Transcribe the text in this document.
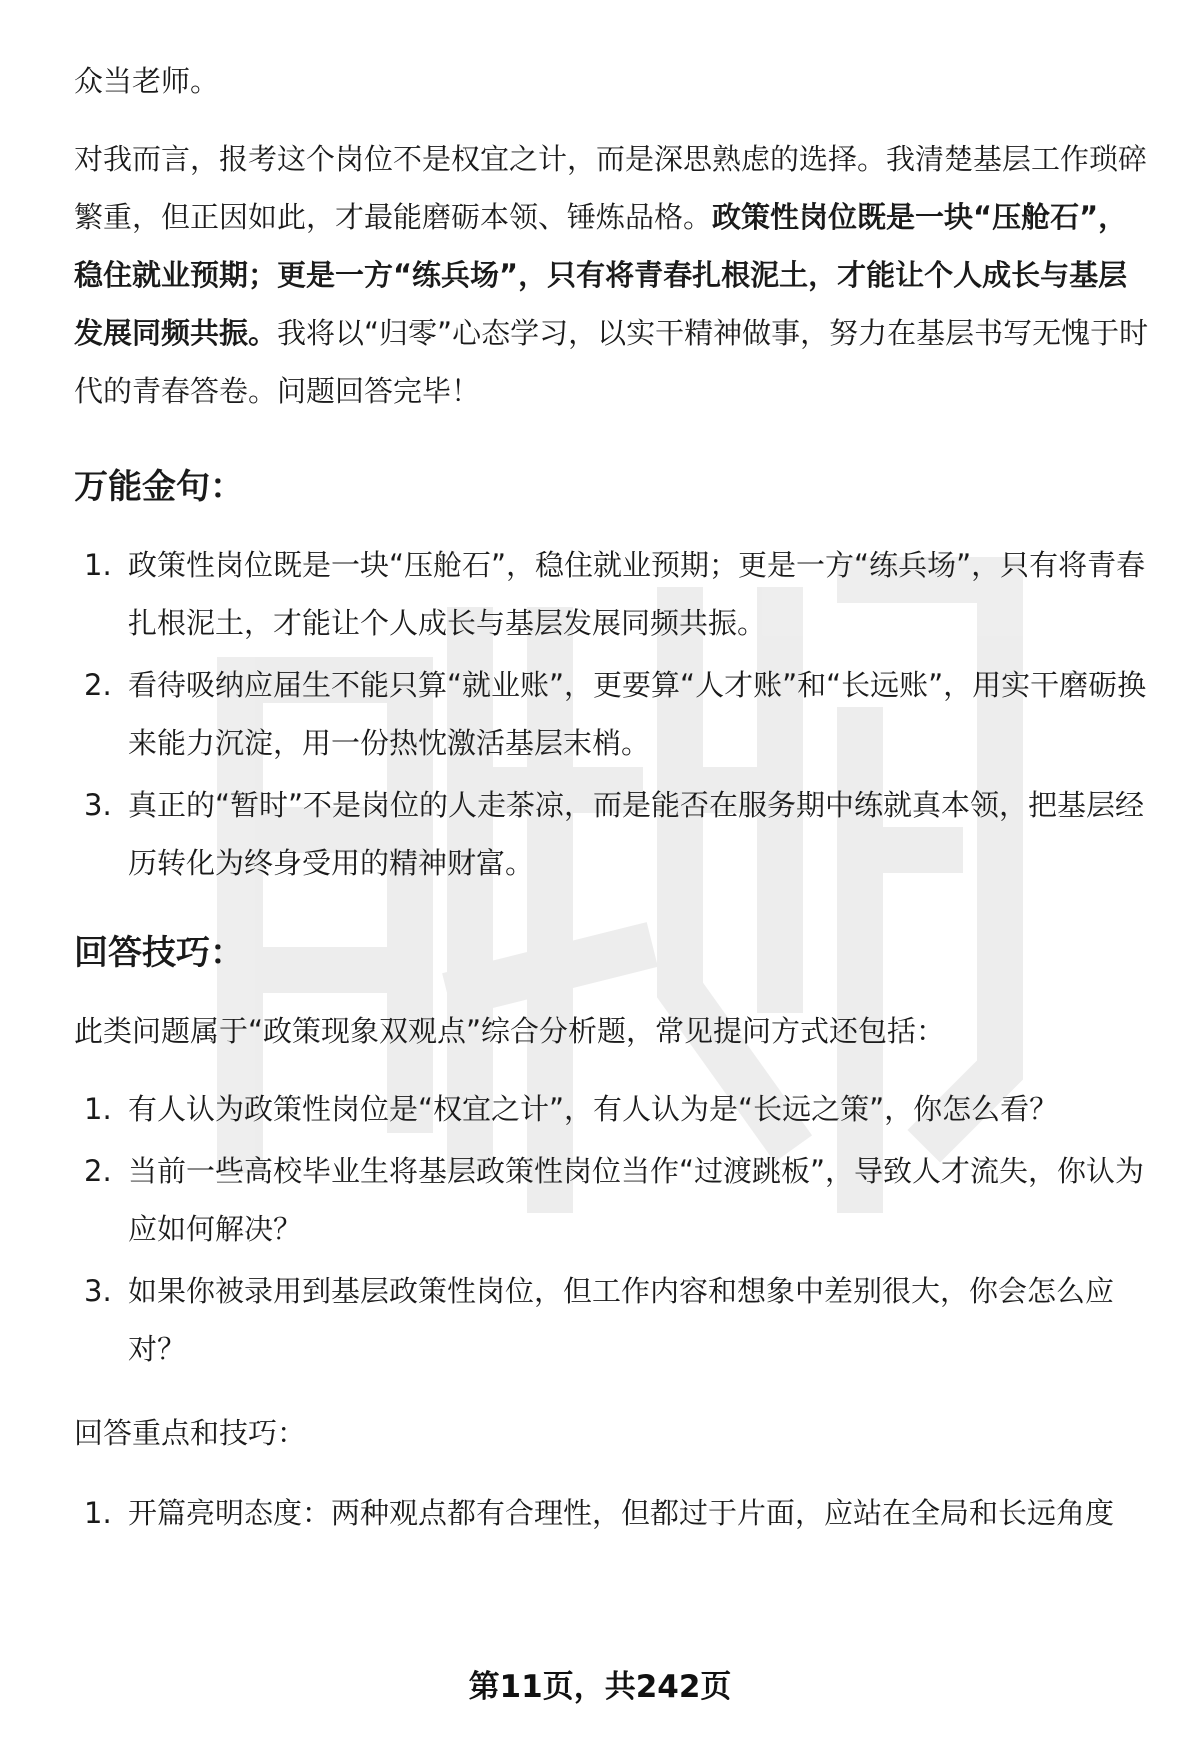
众当老师。

对我而言，报考这个岗位不是权宜之计，而是深思熟虑的选择。我清楚基层工作琐碎繁重，但正因如此，才最能磨砺本领、锤炼品格。政策性岗位既是一块“压舱石”，稳住就业预期；更是一方“练兵场”，只有将青春扎根泥土，才能让个人成长与基层发展同频共振。我将以“归零”心态学习，以实干精神做事，努力在基层书写无愧于时代的青春答卷。问题回答完毕！

万能金句：
1. 政策性岗位既是一块“压舱石”，稳住就业预期；更是一方“练兵场”，只有将青春扎根泥土，才能让个人成长与基层发展同频共振。
2. 看待吸纳应届生不能只算“就业账”，更要算“人才账”和“长远账”，用实干磨砺换来能力沉淀，用一份热忱激活基层末梢。
3. 真正的“暂时”不是岗位的人走茶凉，而是能否在服务期中练就真本领，把基层经历转化为终身受用的精神财富。
回答技巧：

此类问题属于“政策现象双观点”综合分析题，常见提问方式还包括：

1. 有人认为政策性岗位是“权宜之计”，有人认为是“长远之策”，你怎么看？
2. 当前一些高校毕业生将基层政策性岗位当作“过渡跳板”，导致人才流失，你认为应如何解决？
3. 如果你被录用到基层政策性岗位，但工作内容和想象中差别很大，你会怎么应对？

回答重点和技巧：

1. 开篇亮明态度：两种观点都有合理性，但都过于片面，应站在全局和长远角度
第11页，共242页
